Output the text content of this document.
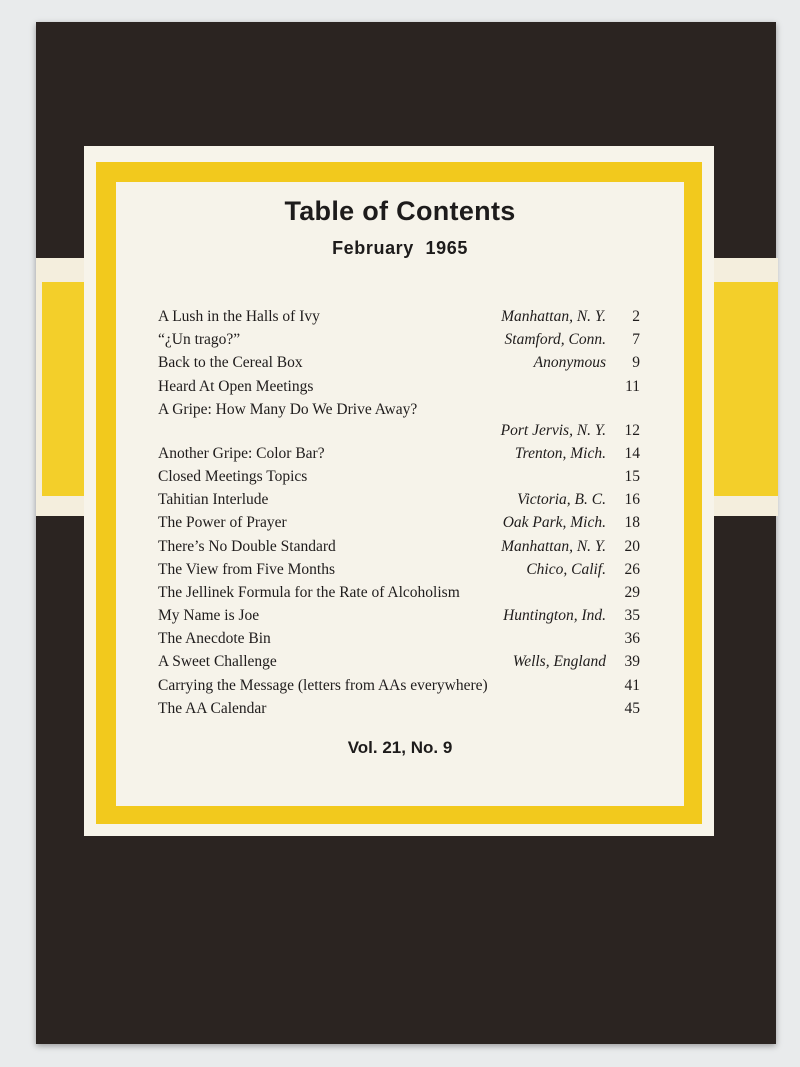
Table of Contents
February 1965
A Lush in the Halls of Ivy	Manhattan, N. Y.	2
“¿Un trago?”	Stamford, Conn.	7
Back to the Cereal Box	Anonymous	9
Heard At Open Meetings	11
A Gripe: How Many Do We Drive Away?
Port Jervis, N. Y.	12
Another Gripe: Color Bar?	Trenton, Mich.	14
Closed Meetings Topics	15
Tahitian Interlude	Victoria, B. C.	16
The Power of Prayer	Oak Park, Mich.	18
There’s No Double Standard	Manhattan, N. Y.	20
The View from Five Months	Chico, Calif.	26
The Jellinek Formula for the Rate of Alcoholism	29
My Name is Joe	Huntington, Ind.	35
The Anecdote Bin	36
A Sweet Challenge	Wells, England	39
Carrying the Message (letters from AAs everywhere)	41
The AA Calendar	45
Vol. 21, No. 9
